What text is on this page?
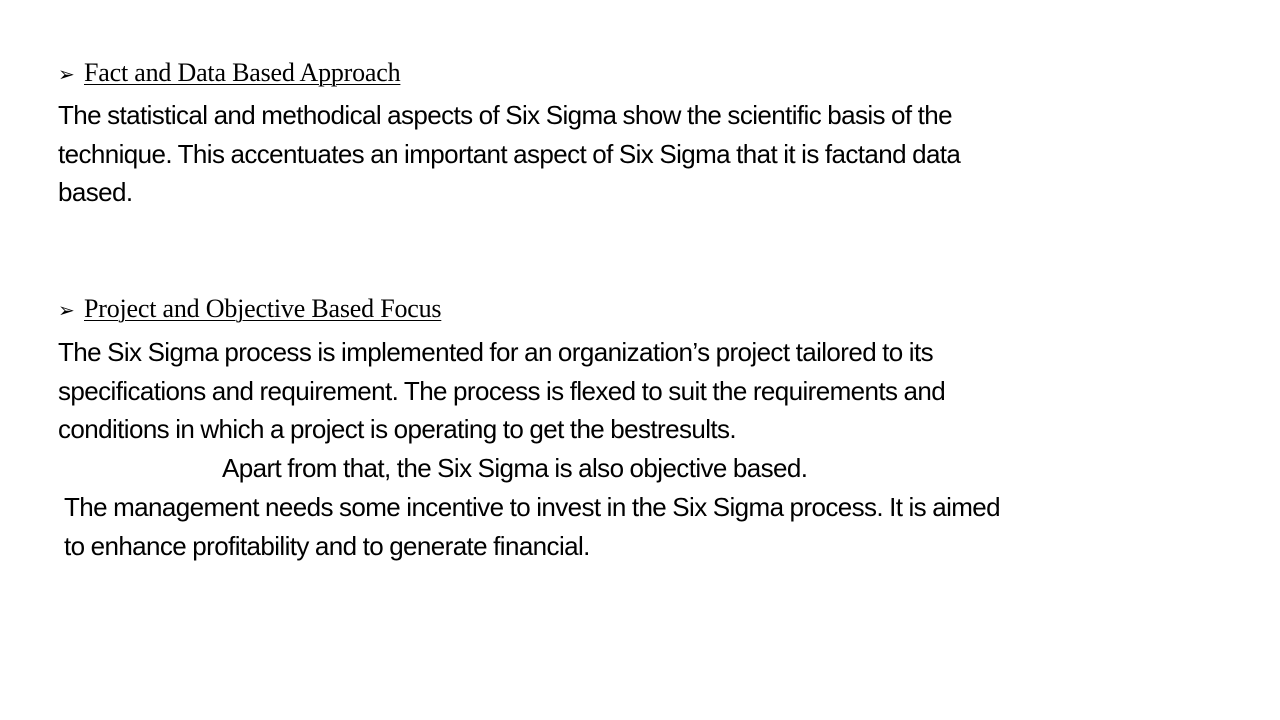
➢ Fact and Data Based Approach

The statistical and methodical aspects of Six Sigma show the scientific basis of the
technique. This accentuates an important aspect of Six Sigma that it is factand data
based.

➢ Project and Objective Based Focus

The Six Sigma process is implemented for an organization’s project tailored to its
specifications and requirement. The process is flexed to suit the requirements and
conditions in which a project is operating to get the bestresults.

Apart from that, the Six Sigma is also objective based.

The management needs some incentive to invest in the Six Sigma process. It is aimed
to enhance profitability and to generate financial.
